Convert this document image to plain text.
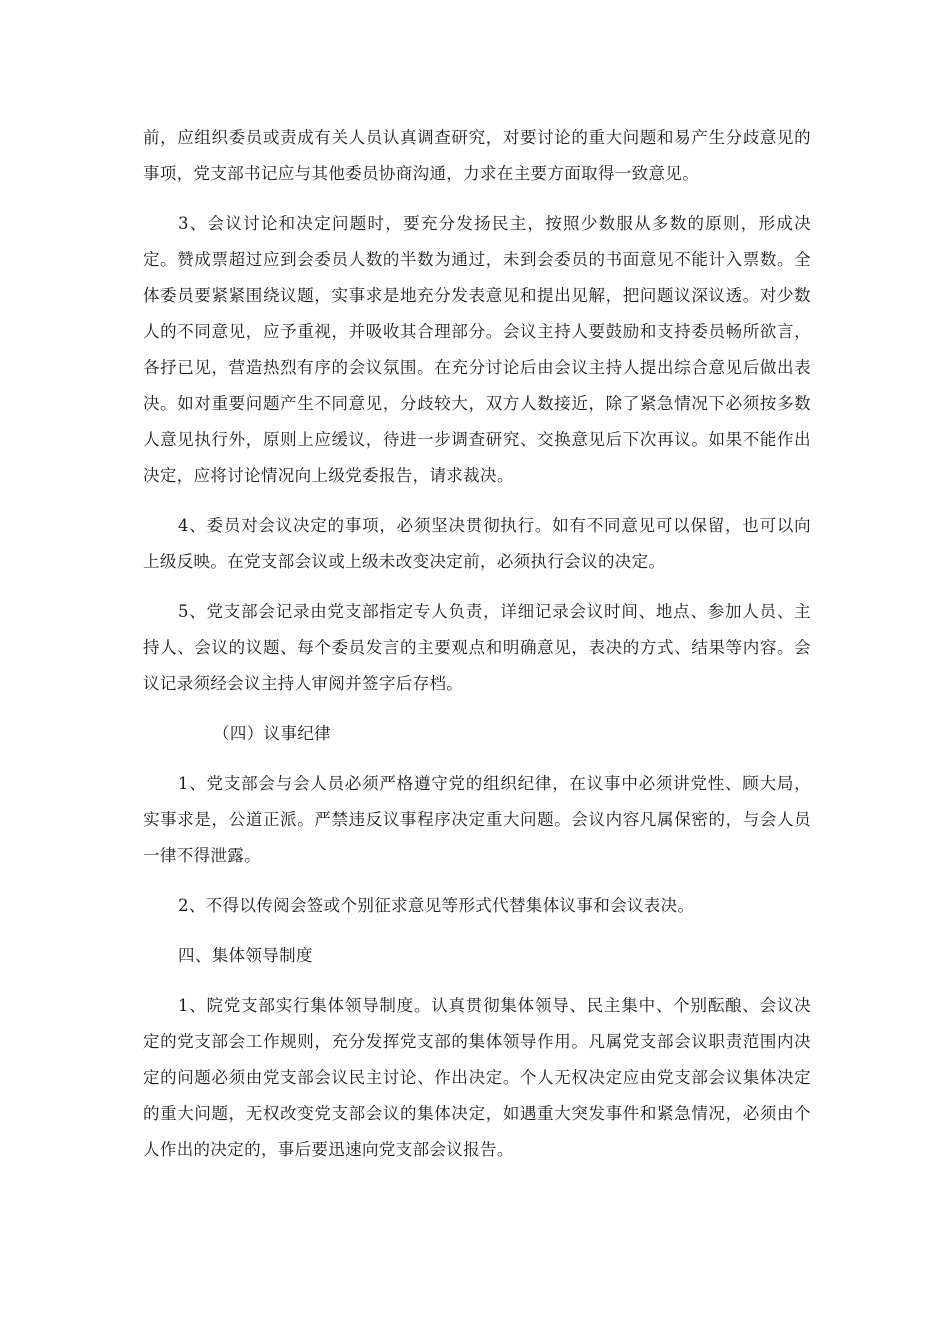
前，应组织委员或责成有关人员认真调查研究，对要讨论的重大问题和易产生分歧意见的事项，党支部书记应与其他委员协商沟通，力求在主要方面取得一致意见。

3、会议讨论和决定问题时，要充分发扬民主，按照少数服从多数的原则，形成决定。赞成票超过应到会委员人数的半数为通过，未到会委员的书面意见不能计入票数。全体委员要紧紧围绕议题，实事求是地充分发表意见和提出见解，把问题议深议透。对少数人的不同意见，应予重视，并吸收其合理部分。会议主持人要鼓励和支持委员畅所欲言，各抒已见，营造热烈有序的会议氛围。在充分讨论后由会议主持人提出综合意见后做出表决。如对重要问题产生不同意见，分歧较大，双方人数接近，除了紧急情况下必须按多数人意见执行外，原则上应缓议，待进一步调查研究、交换意见后下次再议。如果不能作出决定，应将讨论情况向上级党委报告，请求裁决。

4、委员对会议决定的事项，必须坚决贯彻执行。如有不同意见可以保留，也可以向上级反映。在党支部会议或上级未改变决定前，必须执行会议的决定。

5、党支部会记录由党支部指定专人负责，详细记录会议时间、地点、参加人员、主持人、会议的议题、每个委员发言的主要观点和明确意见，表决的方式、结果等内容。会议记录须经会议主持人审阅并签字后存档。

（四）议事纪律

1、党支部会与会人员必须严格遵守党的组织纪律，在议事中必须讲党性、顾大局，实事求是，公道正派。严禁违反议事程序决定重大问题。会议内容凡属保密的，与会人员一律不得泄露。

2、不得以传阅会签或个别征求意见等形式代替集体议事和会议表决。

四、集体领导制度

1、院党支部实行集体领导制度。认真贯彻集体领导、民主集中、个别酝酿、会议决定的党支部会工作规则，充分发挥党支部的集体领导作用。凡属党支部会议职责范围内决定的问题必须由党支部会议民主讨论、作出决定。个人无权决定应由党支部会议集体决定的重大问题，无权改变党支部会议的集体决定，如遇重大突发事件和紧急情况，必须由个人作出的决定的，事后要迅速向党支部会议报告。
